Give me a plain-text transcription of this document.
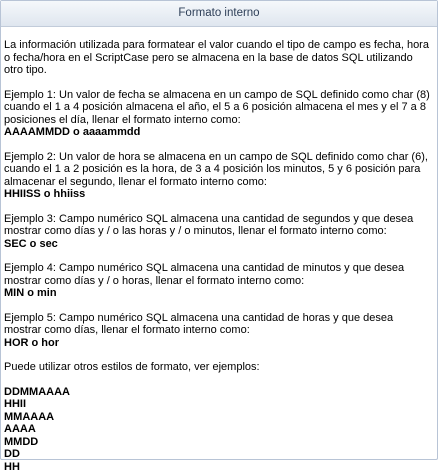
Formato interno

La información utilizada para formatear el valor cuando el tipo de campo es fecha, hora o fecha/hora en el ScriptCase pero se almacena en la base de datos SQL utilizando otro tipo.

Ejemplo 1: Un valor de fecha se almacena en un campo de SQL definido como char (8) cuando el 1 a 4 posición almacena el año, el 5 a 6 posición almacena el mes y el 7 a 8 posiciones el día, llenar el formato interno como:
AAAAMMDD o aaaammdd

Ejemplo 2: Un valor de hora se almacena en un campo de SQL definido como char (6), cuando el 1 a 2 posición es la hora, de 3 a 4 posición los minutos, 5 y 6 posición para almacenar el segundo, llenar el formato interno como:
HHIISS o hhiiss

Ejemplo 3: Campo numérico SQL almacena una cantidad de segundos y que desea mostrar como días y / o las horas y / o minutos, llenar el formato interno como:
SEC o sec

Ejemplo 4: Campo numérico SQL almacena una cantidad de minutos y que desea mostrar como días y / o horas, llenar el formato interno como:
MIN o min

Ejemplo 5: Campo numérico SQL almacena una cantidad de horas y que desea mostrar como días, llenar el formato interno como:
HOR o hor

Puede utilizar otros estilos de formato, ver ejemplos:

DDMMAAAA
HHII
MMAAAA
AAAA
MMDD
DD
HH
